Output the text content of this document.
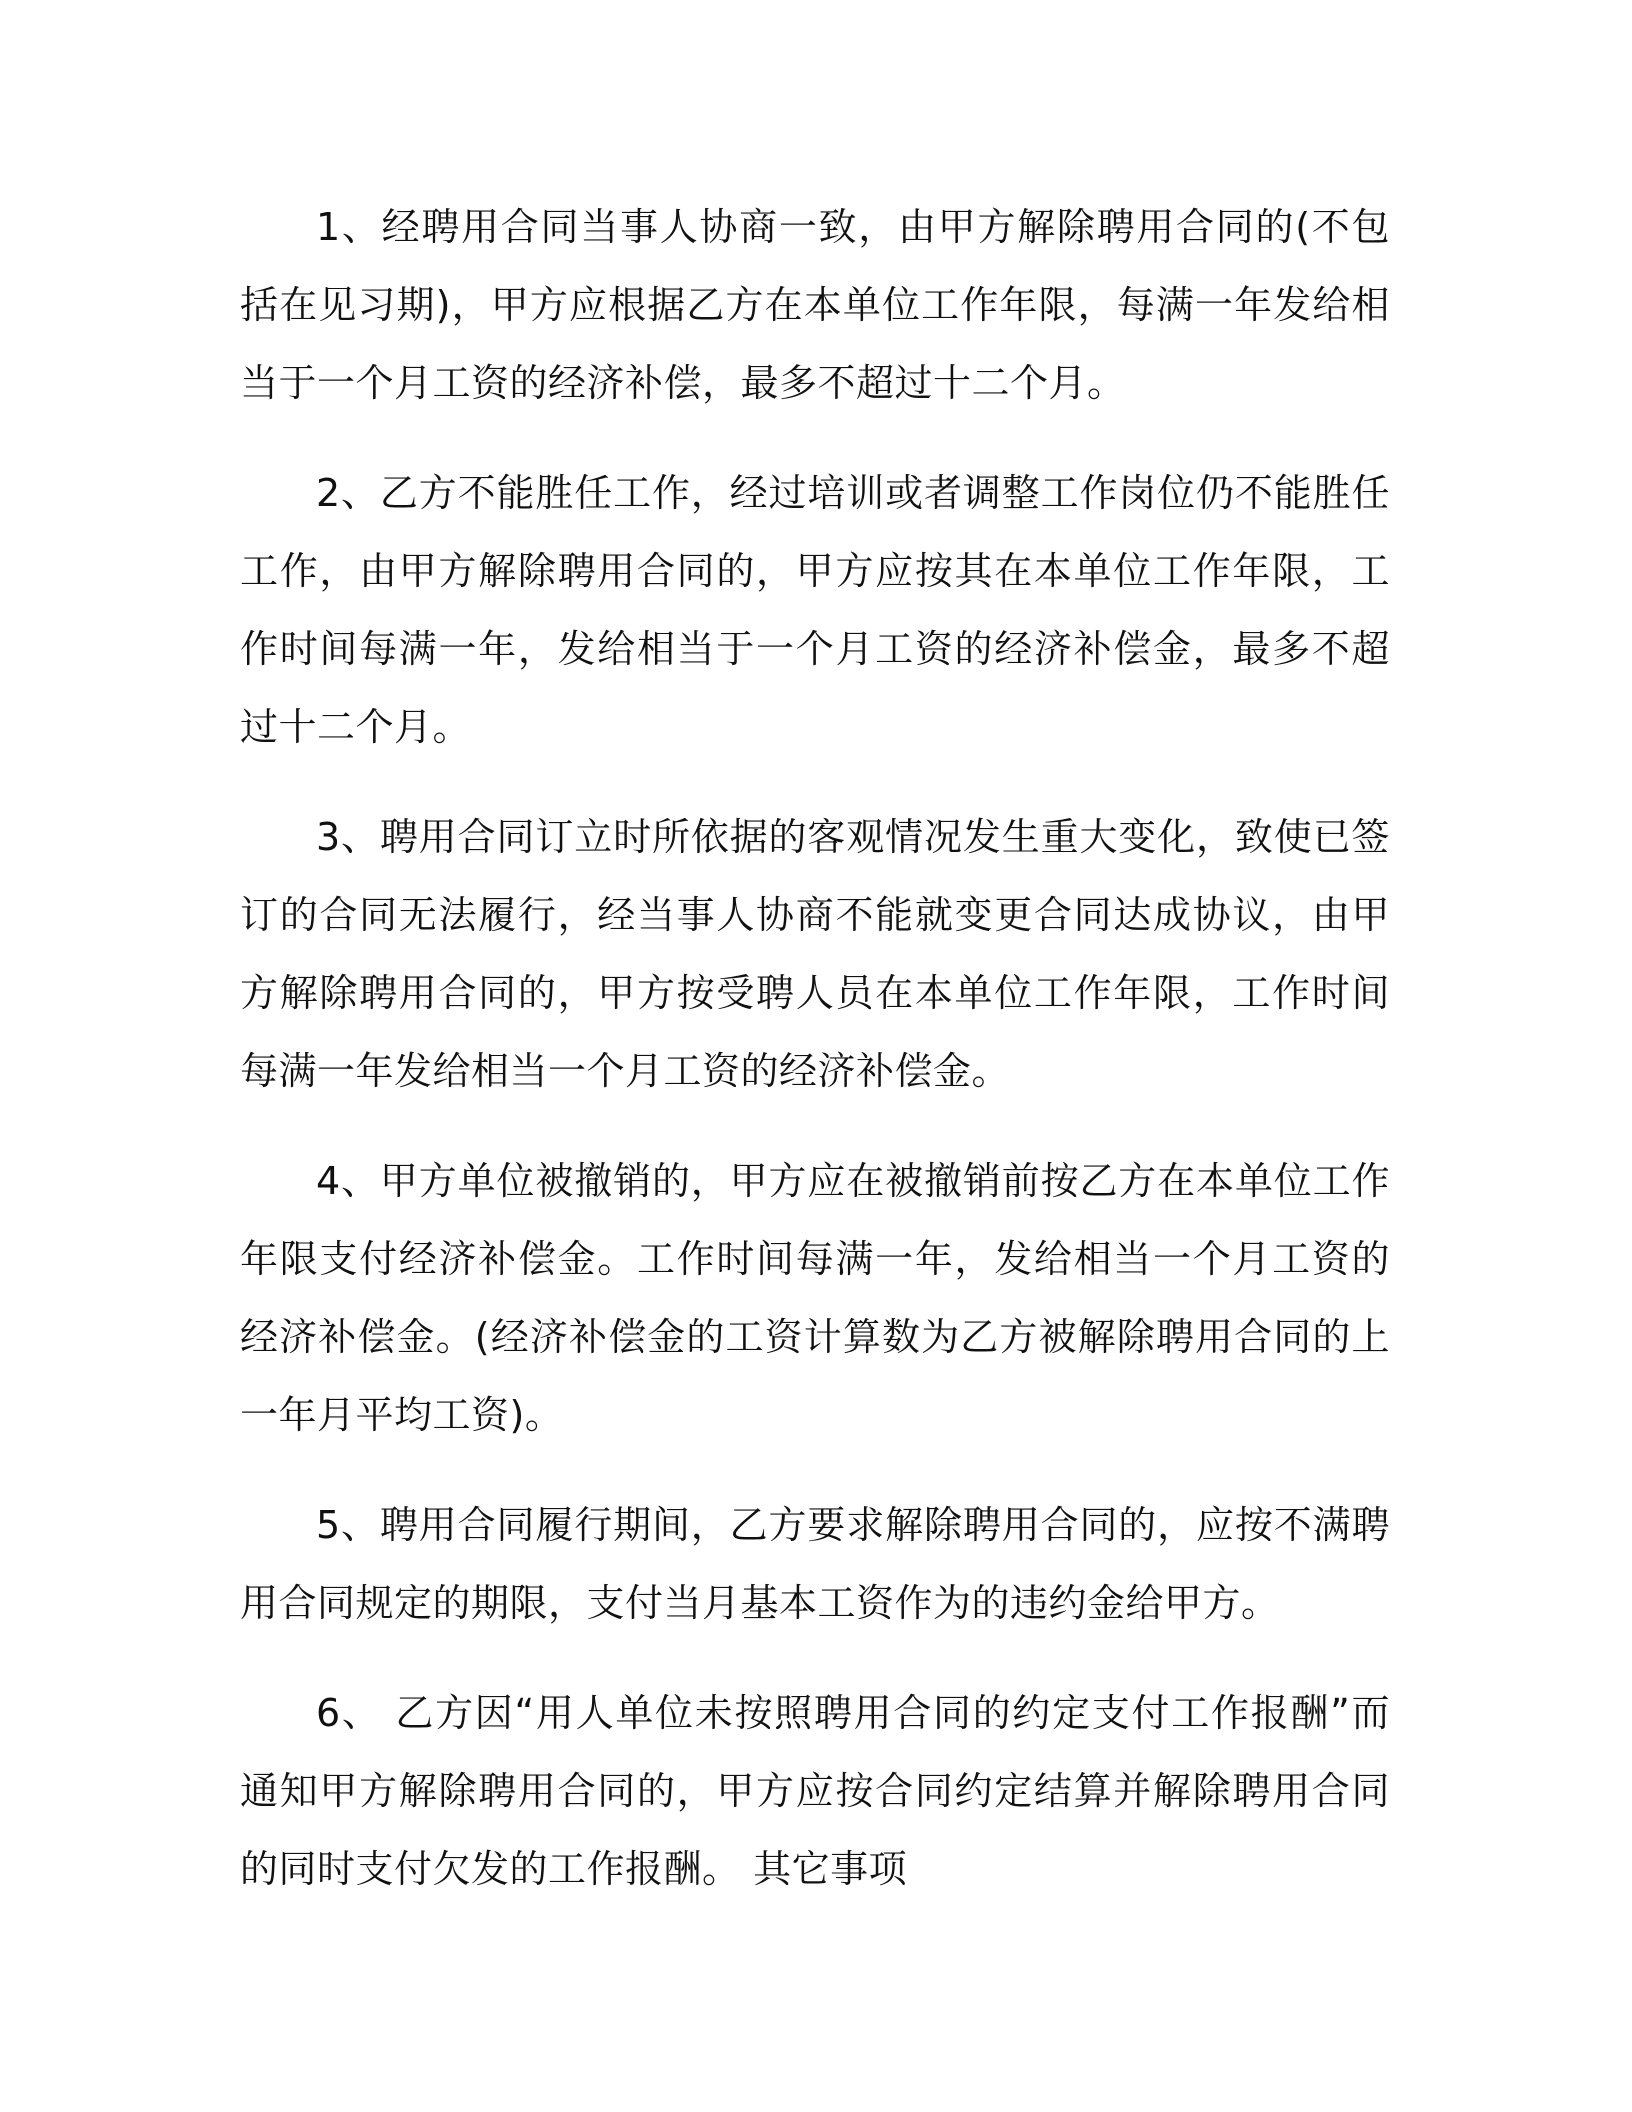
1、经聘用合同当事人协商一致，由甲方解除聘用合同的(不包括在见习期)，甲方应根据乙方在本单位工作年限，每满一年发给相当于一个月工资的经济补偿，最多不超过十二个月。

2、乙方不能胜任工作，经过培训或者调整工作岗位仍不能胜任工作，由甲方解除聘用合同的，甲方应按其在本单位工作年限，工作时间每满一年，发给相当于一个月工资的经济补偿金，最多不超过十二个月。

3、聘用合同订立时所依据的客观情况发生重大变化，致使已签订的合同无法履行，经当事人协商不能就变更合同达成协议，由甲方解除聘用合同的，甲方按受聘人员在本单位工作年限，工作时间每满一年发给相当一个月工资的经济补偿金。

4、甲方单位被撤销的，甲方应在被撤销前按乙方在本单位工作年限支付经济补偿金。工作时间每满一年，发给相当一个月工资的经济补偿金。(经济补偿金的工资计算数为乙方被解除聘用合同的上一年月平均工资)。

5、聘用合同履行期间，乙方要求解除聘用合同的，应按不满聘用合同规定的期限，支付当月基本工资作为的违约金给甲方。

6、 乙方因“用人单位未按照聘用合同的约定支付工作报酬”而通知甲方解除聘用合同的，甲方应按合同约定结算并解除聘用合同的同时支付欠发的工作报酬。 其它事项
